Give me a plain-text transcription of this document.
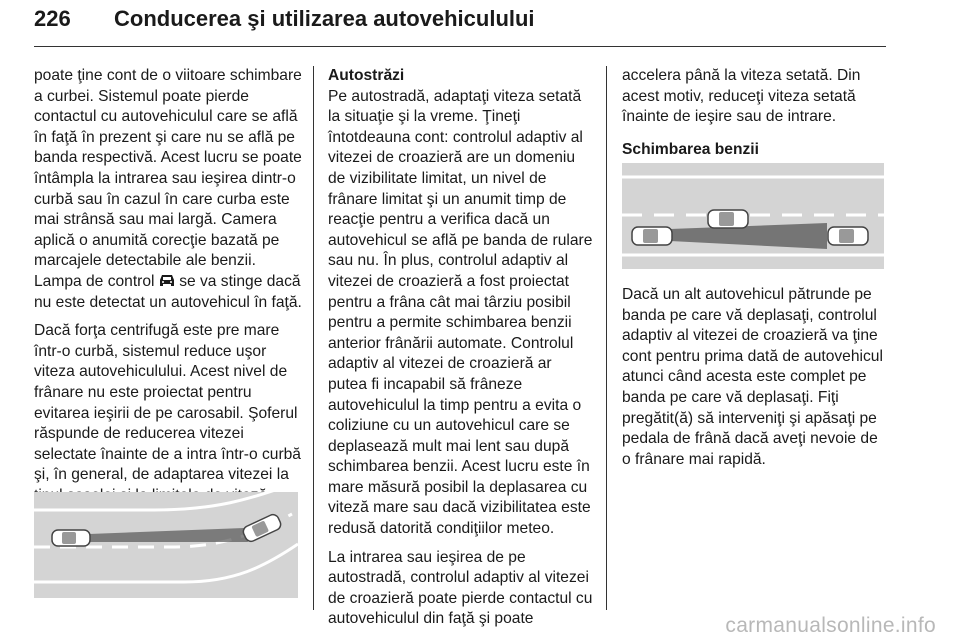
226 Conducerea şi utilizarea autovehiculului

poate ţine cont de o viitoare schimbare a curbei. Sistemul poate pierde contactul cu autovehiculul care se află în faţă în prezent şi care nu se află pe banda respectivă. Acest lucru se poate întâmpla la intrarea sau ieşirea dintr-o curbă sau în cazul în care curba este mai strânsă sau mai largă. Camera aplică o anumită corecţie bazată pe marcajele detectabile ale benzii. Lampa de control se va stinge dacă nu este detectat un autovehicul în faţă.

Dacă forţa centrifugă este pre mare într-o curbă, sistemul reduce uşor viteza autovehiculului. Acest nivel de frânare nu este proiectat pentru evitarea ieşirii de pe carosabil. Şoferul răspunde de reducerea vitezei selectate înainte de a intra într-o curbă şi, în general, de adaptarea vitezei la

Autostrăzi

Pe autostradă, adaptaţi viteza setată la situaţie şi la vreme. Ţineţi întotdeauna cont: controlul adaptiv al vitezei de croazieră are un domeniu de vizibilitate limitat, un nivel de frânare limitat şi un anumit timp de reacţie pentru a verifica dacă un autovehicul se află pe banda de rulare sau nu. În plus, controlul adaptiv al vitezei de croazieră a fost proiectat pentru a frâna cât mai târziu posibil pentru a permite schimbarea benzii anterior frânării automate. Controlul adaptiv al vitezei de croazieră ar putea fi incapabil să frâneze autovehiculul la timp pentru a evita o coliziune cu un autovehicul care se deplasează mult mai lent sau după schimbarea benzii. Acest lucru este în mare măsură posibil la deplasarea cu viteză mare sau dacă vizibilitatea este redusă datorită condiţiilor meteo.

La intrarea sau ieşirea de pe autostradă, controlul adaptiv al vitezei de croazieră poate pierde contactul cu autovehiculul din faţă şi poate

accelera până la viteza setată. Din acest motiv, reduceţi viteza setată înainte de ieşire sau de intrare.

Schimbarea benzii

Dacă un alt autovehicul pătrunde pe banda pe care vă deplasaţi, controlul adaptiv al vitezei de croazieră va ţine cont pentru prima dată de autovehicul atunci când acesta este complet pe banda pe care vă deplasaţi. Fiţi pregătit(ă) să interveniţi şi apăsaţi pe pedala de frână dacă aveţi nevoie de o frânare mai rapidă.

carmanualsonline.info
